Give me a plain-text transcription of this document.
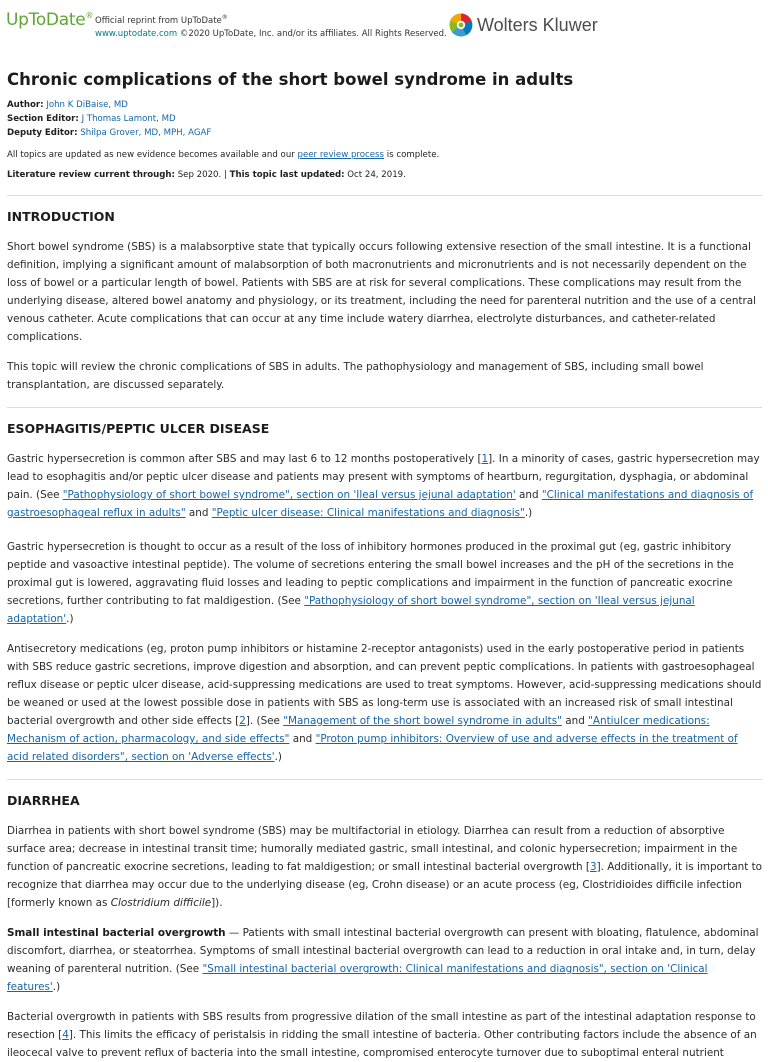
UpToDate®
Official reprint from UpToDate®
www.uptodate.com ©2020 UpToDate, Inc. and/or its affiliates. All Rights Reserved. Wolters Kluwer
Chronic complications of the short bowel syndrome in adults
Author: John K DiBaise, MD
Section Editor: J Thomas Lamont, MD
Deputy Editor: Shilpa Grover, MD, MPH, AGAF
All topics are updated as new evidence becomes available and our peer review process is complete.
Literature review current through: Sep 2020. | This topic last updated: Oct 24, 2019.
INTRODUCTION

Short bowel syndrome (SBS) is a malabsorptive state that typically occurs following extensive resection of the small intestine. It is a functional definition, implying a significant amount of malabsorption of both macronutrients and micronutrients and is not necessarily dependent on the loss of bowel or a particular length of bowel. Patients with SBS are at risk for several complications. These complications may result from the underlying disease, altered bowel anatomy and physiology, or its treatment, including the need for parenteral nutrition and the use of a central venous catheter. Acute complications that can occur at any time include watery diarrhea, electrolyte disturbances, and catheter-related complications.

This topic will review the chronic complications of SBS in adults. The pathophysiology and management of SBS, including small bowel transplantation, are discussed separately.

ESOPHAGITIS/PEPTIC ULCER DISEASE

Gastric hypersecretion is common after SBS and may last 6 to 12 months postoperatively [1]. In a minority of cases, gastric hypersecretion may lead to esophagitis and/or peptic ulcer disease and patients may present with symptoms of heartburn, regurgitation, dysphagia, or abdominal pain. (See "Pathophysiology of short bowel syndrome", section on 'Ileal versus jejunal adaptation' and "Clinical manifestations and diagnosis of gastroesophageal reflux in adults" and "Peptic ulcer disease: Clinical manifestations and diagnosis".)

Gastric hypersecretion is thought to occur as a result of the loss of inhibitory hormones produced in the proximal gut (eg, gastric inhibitory peptide and vasoactive intestinal peptide). The volume of secretions entering the small bowel increases and the pH of the secretions in the proximal gut is lowered, aggravating fluid losses and leading to peptic complications and impairment in the function of pancreatic exocrine secretions, further contributing to fat maldigestion. (See "Pathophysiology of short bowel syndrome", section on 'Ileal versus jejunal adaptation'.)

Antisecretory medications (eg, proton pump inhibitors or histamine 2-receptor antagonists) used in the early postoperative period in patients with SBS reduce gastric secretions, improve digestion and absorption, and can prevent peptic complications. In patients with gastroesophageal reflux disease or peptic ulcer disease, acid-suppressing medications are used to treat symptoms. However, acid-suppressing medications should be weaned or used at the lowest possible dose in patients with SBS as long-term use is associated with an increased risk of small intestinal bacterial overgrowth and other side effects [2]. (See "Management of the short bowel syndrome in adults" and "Antiulcer medications: Mechanism of action, pharmacology, and side effects" and "Proton pump inhibitors: Overview of use and adverse effects in the treatment of acid related disorders", section on 'Adverse effects'.)

DIARRHEA

Diarrhea in patients with short bowel syndrome (SBS) may be multifactorial in etiology. Diarrhea can result from a reduction of absorptive surface area; decrease in intestinal transit time; humorally mediated gastric, small intestinal, and colonic hypersecretion; impairment in the function of pancreatic exocrine secretions, leading to fat maldigestion; or small intestinal bacterial overgrowth [3]. Additionally, it is important to recognize that diarrhea may occur due to the underlying disease (eg, Crohn disease) or an acute process (eg, Clostridioides difficile infection [formerly known as Clostridium difficile]).

Small intestinal bacterial overgrowth — Patients with small intestinal bacterial overgrowth can present with bloating, flatulence, abdominal discomfort, diarrhea, or steatorrhea. Symptoms of small intestinal bacterial overgrowth can lead to a reduction in oral intake and, in turn, delay weaning of parenteral nutrition. (See "Small intestinal bacterial overgrowth: Clinical manifestations and diagnosis", section on 'Clinical features'.)

Bacterial overgrowth in patients with SBS results from progressive dilation of the small intestine as part of the intestinal adaptation response to resection [4]. This limits the efficacy of peristalsis in ridding the small intestine of bacteria. Other contributing factors include the absence of an ileocecal valve to prevent reflux of bacteria into the small intestine, compromised enterocyte turnover due to suboptimal enteral nutrient
